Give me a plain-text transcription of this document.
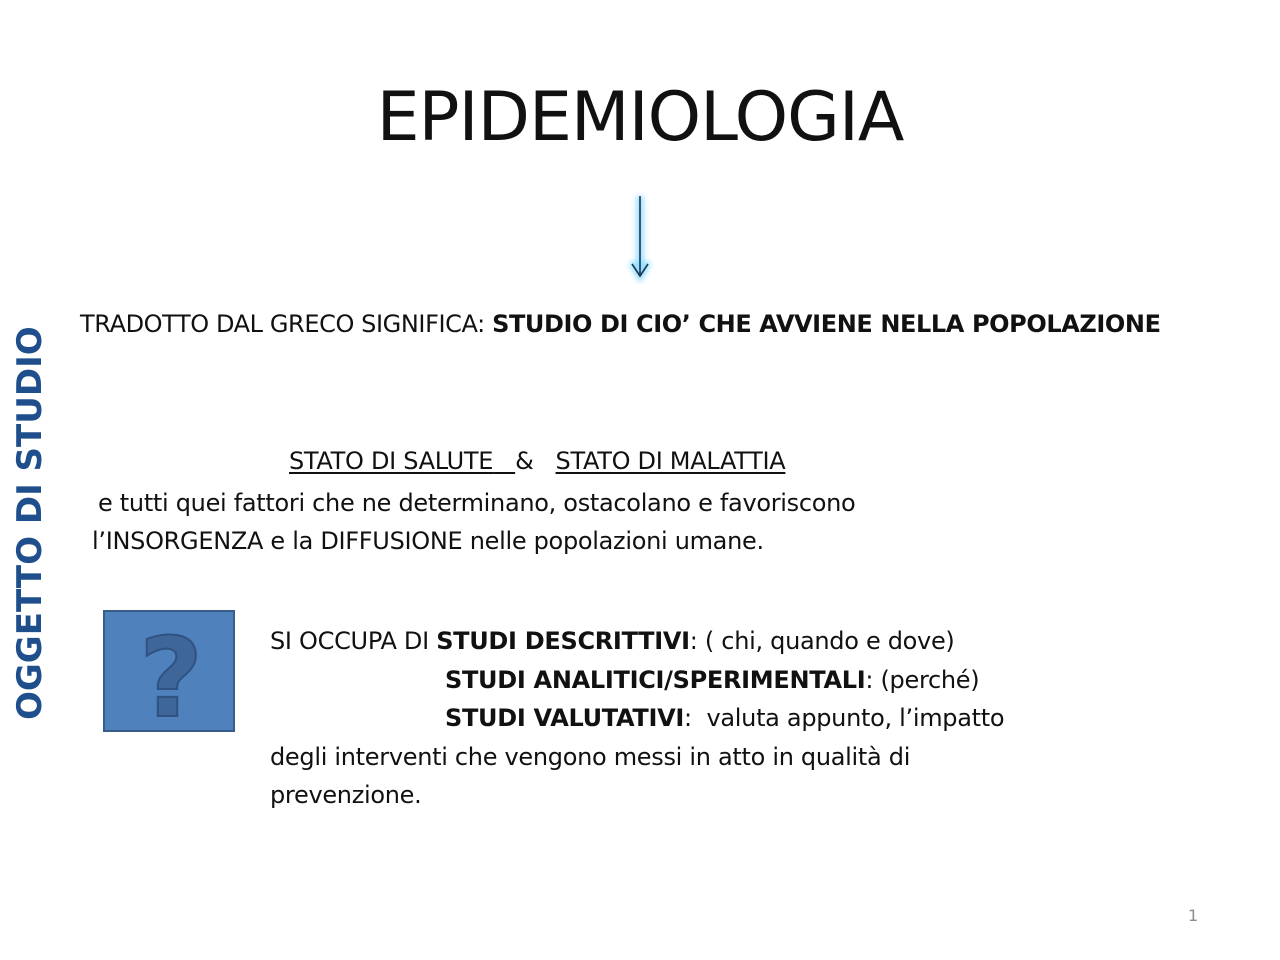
EPIDEMIOLOGIA
TRADOTTO DAL GRECO SIGNIFICA: STUDIO DI CIO’ CHE AVVIENE NELLA POPOLAZIONE
OGGETTO DI STUDIO	STATO DI SALUTE & STATO DI MALATTIA
e tutti quei fattori che ne determinano, ostacolano e favoriscono
l’INSORGENZA e la DIFFUSIONE nelle popolazioni umane.
?	SI OCCUPA DI STUDI DESCRITTIVI: ( chi, quando e dove)
STUDI ANALITICI/SPERIMENTALI: (perché)
STUDI VALUTATIVI:  valuta appunto, l’impatto
degli interventi che vengono messi in atto in qualità di
prevenzione.
1
